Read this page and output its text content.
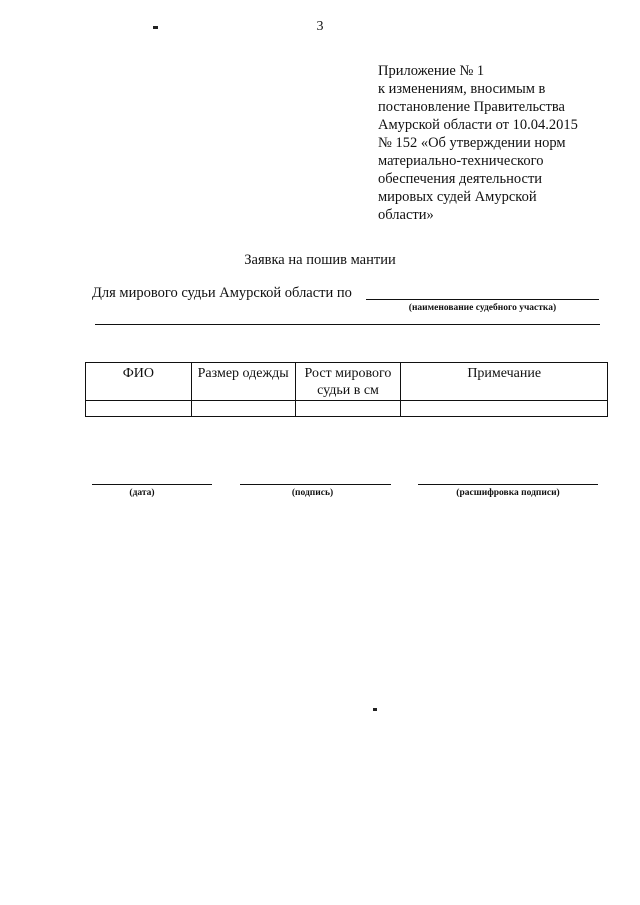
3
Приложение № 1
к изменениям, вносимым в
постановление Правительства
Амурской области от 10.04.2015
№ 152 «Об утверждении норм
материально-технического
обеспечения деятельности
мировых судей Амурской
области»
Заявка на пошив мантии
Для мирового судьи Амурской области по
(наименование судебного участка)
ФИО	Размер одежды	Рост мирового судьи в см	Примечание

(дата)	(подпись)	(расшифровка подписи)
